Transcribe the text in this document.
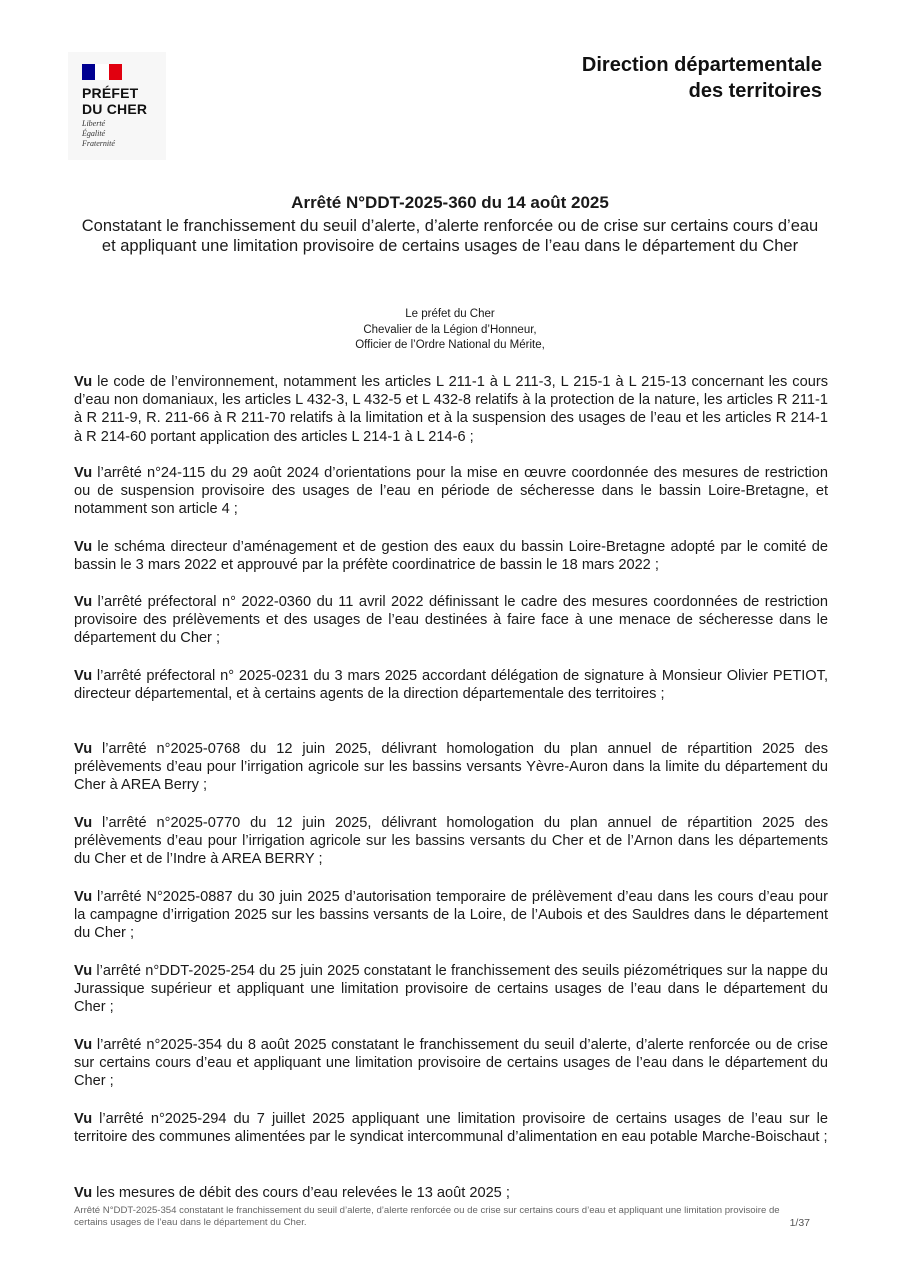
PRÉFET
DU CHER
Liberté
Égalité
Fraternité
Direction départementale
des territoires
Arrêté N°DDT-2025-360 du 14 août 2025
Constatant le franchissement du seuil d’alerte, d’alerte renforcée ou de crise sur certains cours d’eau et appliquant une limitation provisoire de certains usages de l’eau dans le département du Cher
Le préfet du Cher
Chevalier de la Légion d’Honneur,
Officier de l’Ordre National du Mérite,
Vu le code de l’environnement, notamment les articles L 211-1 à L 211-3, L 215-1 à L 215-13 concernant les cours d’eau non domaniaux, les articles L 432-3, L 432-5 et L 432-8 relatifs à la protection de la nature, les articles R 211-1 à R 211-9, R. 211-66 à R 211-70 relatifs à la limitation et à la suspension des usages de l’eau et les articles R 214-1 à R 214-60 portant application des articles L 214-1 à L 214-6 ;
Vu l’arrêté n°24-115 du 29 août 2024 d’orientations pour la mise en œuvre coordonnée des mesures de restriction ou de suspension provisoire des usages de l’eau en période de sécheresse dans le bassin Loire-Bretagne, et notamment son article 4 ;
Vu le schéma directeur d’aménagement et de gestion des eaux du bassin Loire-Bretagne adopté par le comité de bassin le 3 mars 2022 et approuvé par la préfète coordinatrice de bassin le 18 mars 2022 ;
Vu l’arrêté préfectoral n° 2022-0360 du 11 avril 2022 définissant le cadre des mesures coordonnées de restriction provisoire des prélèvements et des usages de l’eau destinées à faire face à une menace de sécheresse dans le département du Cher ;
Vu l’arrêté préfectoral n° 2025-0231 du 3 mars 2025 accordant délégation de signature à Monsieur Olivier PETIOT, directeur départemental, et à certains agents de la direction départementale des territoires ;
Vu l’arrêté n°2025-0768 du 12 juin 2025, délivrant homologation du plan annuel de répartition 2025 des prélèvements d’eau pour l’irrigation agricole sur les bassins versants Yèvre-Auron dans la limite du département du Cher à AREA Berry ;
Vu l’arrêté n°2025-0770 du 12 juin 2025, délivrant homologation du plan annuel de répartition 2025 des prélèvements d’eau pour l’irrigation agricole sur les bassins versants du Cher et de l’Arnon dans les départements du Cher et de l’Indre à AREA BERRY ;
Vu l’arrêté N°2025-0887 du 30 juin 2025 d’autorisation temporaire de prélèvement d’eau dans les cours d’eau pour la campagne d’irrigation 2025 sur les bassins versants de la Loire, de l’Aubois et des Sauldres dans le département du Cher ;
Vu l’arrêté n°DDT-2025-254 du 25 juin 2025 constatant le franchissement des seuils piézométriques sur la nappe du Jurassique supérieur et appliquant une limitation provisoire de certains usages de l’eau dans le département du Cher ;
Vu l’arrêté n°2025-354 du 8 août 2025 constatant le franchissement du seuil d’alerte, d’alerte renforcée ou de crise sur certains cours d’eau et appliquant une limitation provisoire de certains usages de l’eau dans le département du Cher ;
Vu l’arrêté n°2025-294 du 7 juillet 2025 appliquant une limitation provisoire de certains usages de l’eau sur le territoire des communes alimentées par le syndicat intercommunal d’alimentation en eau potable Marche-Boischaut ;
Vu les mesures de débit des cours d’eau relevées le 13 août 2025 ;
Arrêté N°DDT-2025-354 constatant le franchissement du seuil d’alerte, d’alerte renforcée ou de crise sur certains cours d’eau et appliquant une limitation provisoire de certains usages de l’eau dans le département du Cher.	1/37
